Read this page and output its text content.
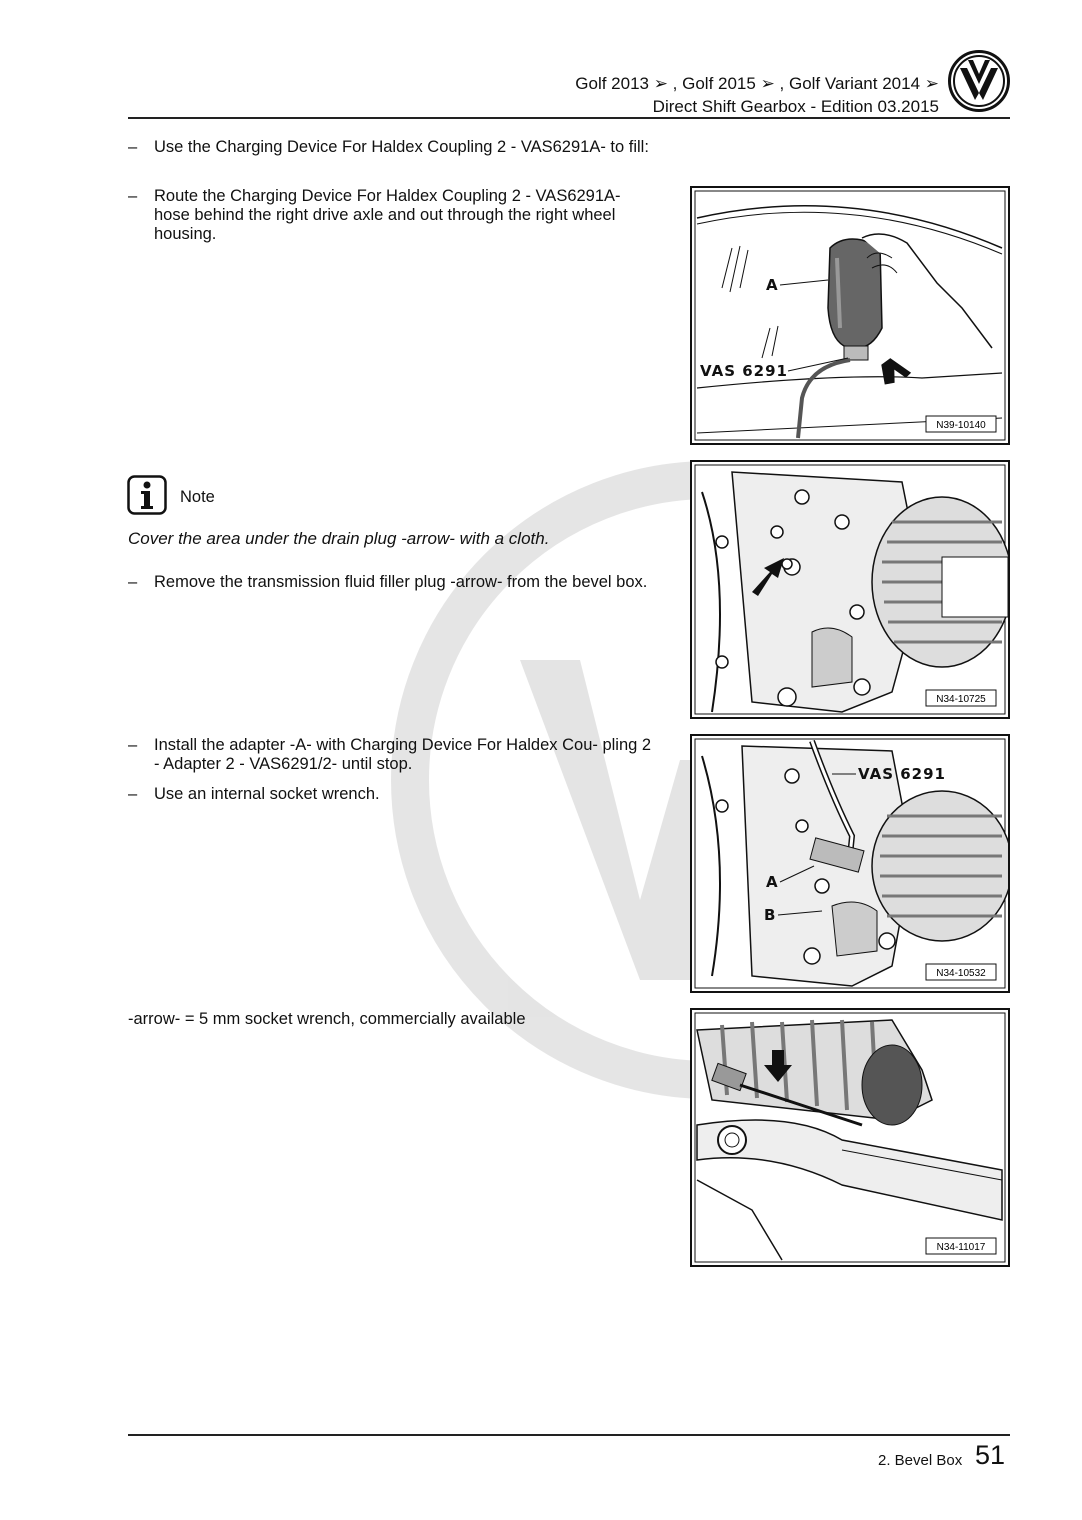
Golf 2013 ➢ , Golf 2015 ➢ , Golf Variant 2014 ➢
Direct Shift Gearbox - Edition 03.2015
– Use the Charging Device For Haldex Coupling 2 - VAS6291A- to fill:
– Route the Charging Device For Haldex Coupling 2 - VAS6291A- hose behind the right drive axle and out through the right wheel housing.
Note
Cover the area under the drain plug -arrow- with a cloth.
– Remove the transmission fluid filler plug -arrow- from the bevel box.
– Install the adapter -A- with Charging Device For Haldex Cou- pling 2 - Adapter 2 - VAS6291/2- until stop.
– Use an internal socket wrench.
-arrow- = 5 mm socket wrench, commercially available
A
VAS 6291
N39-10140
N34-10725
VAS 6291
A
B
N34-10532
N34-11017
2. Bevel Box 51
